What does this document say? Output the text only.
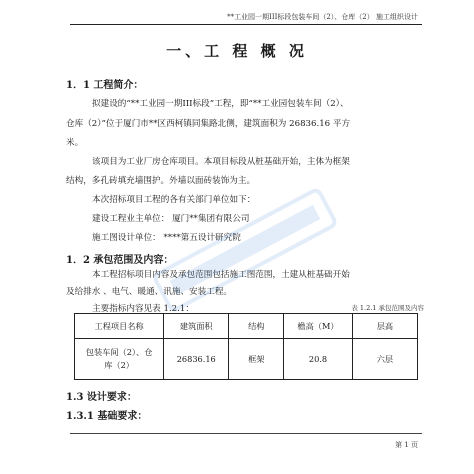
**工业园一期III标段包装车间（2）、仓库（2） 施工组织设计
一、工 程 概 况
1．1 工程简介：
拟建设的“**工业园一期III标段”工程，即“**工业园包装车间（2）、
仓库（2）”位于厦门市**区西柯镇同集路北侧，建筑面积为 26836.16 平方
米。
该项目为工业厂房仓库项目。本项目标段从桩基础开始，主体为框架
结构，多孔砖填充墙围护。外墙以面砖装饰为主。
本次招标项目工程的各有关部门单位如下：
建设工程业主单位： 厦门**集团有限公司
施工图设计单位： ****第五设计研究院
1．2 承包范围及内容：
本工程招标项目内容及承包范围包括施工图范围，土建从桩基础开始
及给排水 、电气、暖通、讯施、安装工程。
主要指标内容见表 1.2.1：	表 1.2.1 承包范围及内容
工程项目名称	建筑面积	结构	檐高（M）	层高

包装车间（2）、仓
库（2）	26836.16	框架	20.8	六层
1.3 设计要求：
1.3.1 基础要求：
第 1 页
